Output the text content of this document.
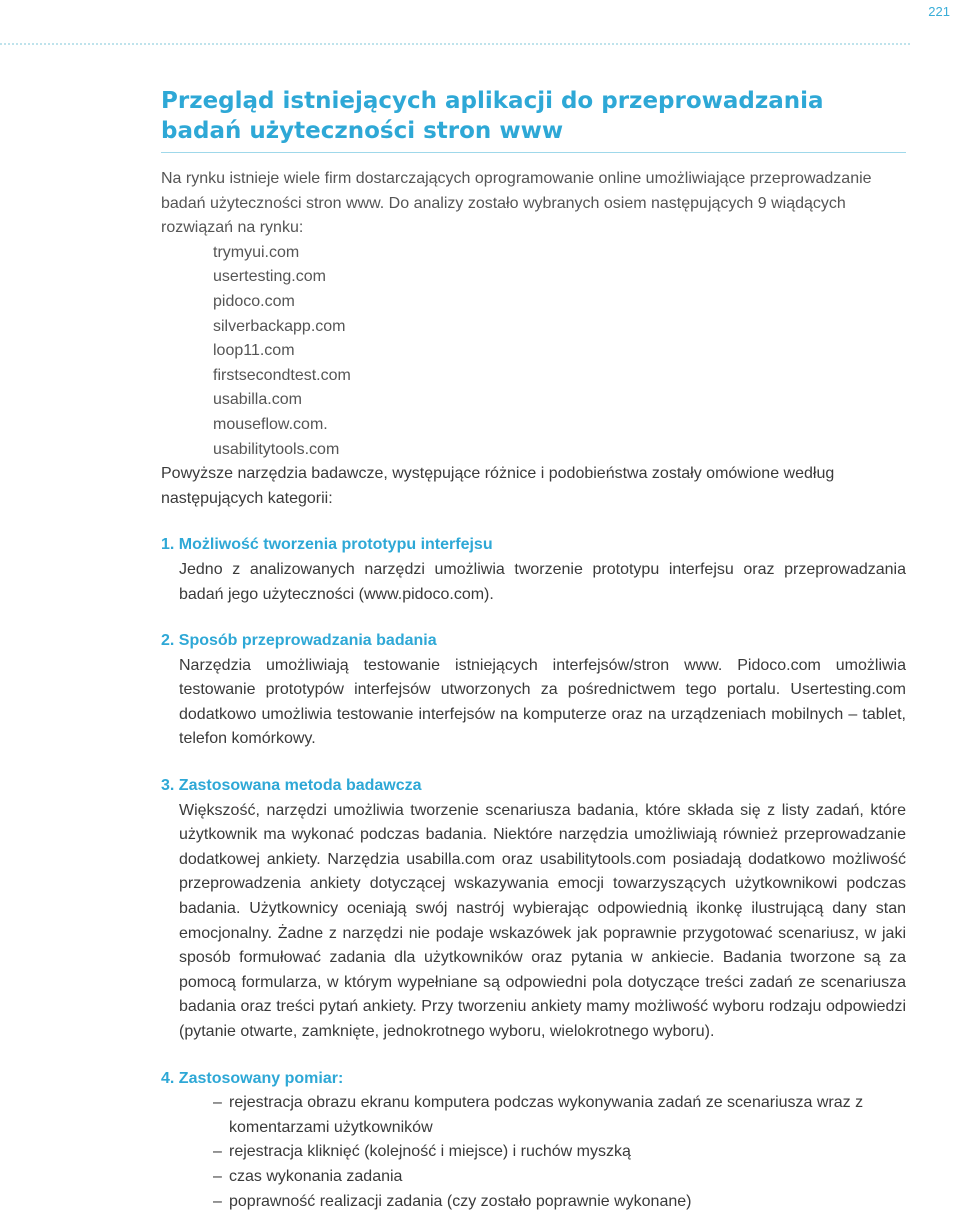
221
Przegląd istniejących aplikacji do przeprowadzania badań użyteczności stron www

Na rynku istnieje wiele firm dostarczających oprogramowanie online umożliwiające przeprowadzanie badań użyteczności stron www. Do analizy zostało wybranych osiem następujących 9 wiądących rozwiązań na rynku:

trymyui.com
usertesting.com
pidoco.com
silverbackapp.com
loop11.com
firstsecondtest.com
usabilla.com
mouseflow.com.
usabilitytools.com

Powyższe narzędzia badawcze, występujące różnice i podobieństwa zostały omówione według następujących kategorii:

1. Możliwość tworzenia prototypu interfejsu

Jedno z analizowanych narzędzi umożliwia tworzenie prototypu interfejsu oraz przeprowadzania badań jego użyteczności (www.pidoco.com).

2. Sposób przeprowadzania badania

Narzędzia umożliwiają testowanie istniejących interfejsów/stron www. Pidoco.com umożliwia testowanie prototypów interfejsów utworzonych za pośrednictwem tego portalu. Usertesting.com dodatkowo umożliwia testowanie interfejsów na komputerze oraz na urządzeniach mobilnych – tablet, telefon komórkowy.

3. Zastosowana metoda badawcza

Większość, narzędzi umożliwia tworzenie scenariusza badania, które składa się z listy zadań, które użytkownik ma wykonać podczas badania. Niektóre narzędzia umożliwiają również przeprowadzanie dodatkowej ankiety. Narzędzia usabilla.com oraz usabilitytools.com posiadają dodatkowo możliwość przeprowadzenia ankiety dotyczącej wskazywania emocji towarzyszących użytkownikowi podczas badania. Użytkownicy oceniają swój nastrój wybierając odpowiednią ikonkę ilustrującą dany stan emocjonalny. Żadne z narzędzi nie podaje wskazówek jak poprawnie przygotować scenariusz, w jaki sposób formułować zadania dla użytkowników oraz pytania w ankiecie. Badania tworzone są za pomocą formularza, w którym wypełniane są odpowiedni pola dotyczące treści zadań ze scenariusza badania oraz treści pytań ankiety. Przy tworzeniu ankiety mamy możliwość wyboru rodzaju odpowiedzi (pytanie otwarte, zamknięte, jednokrotnego wyboru, wielokrotnego wyboru).

4. Zastosowany pomiar:
– rejestracja obrazu ekranu komputera podczas wykonywania zadań ze scenariusza wraz z komentarzami użytkowników
– rejestracja kliknięć (kolejność i miejsce) i ruchów myszką
– czas wykonania zadania
– poprawność realizacji zadania (czy zostało poprawnie wykonane)
